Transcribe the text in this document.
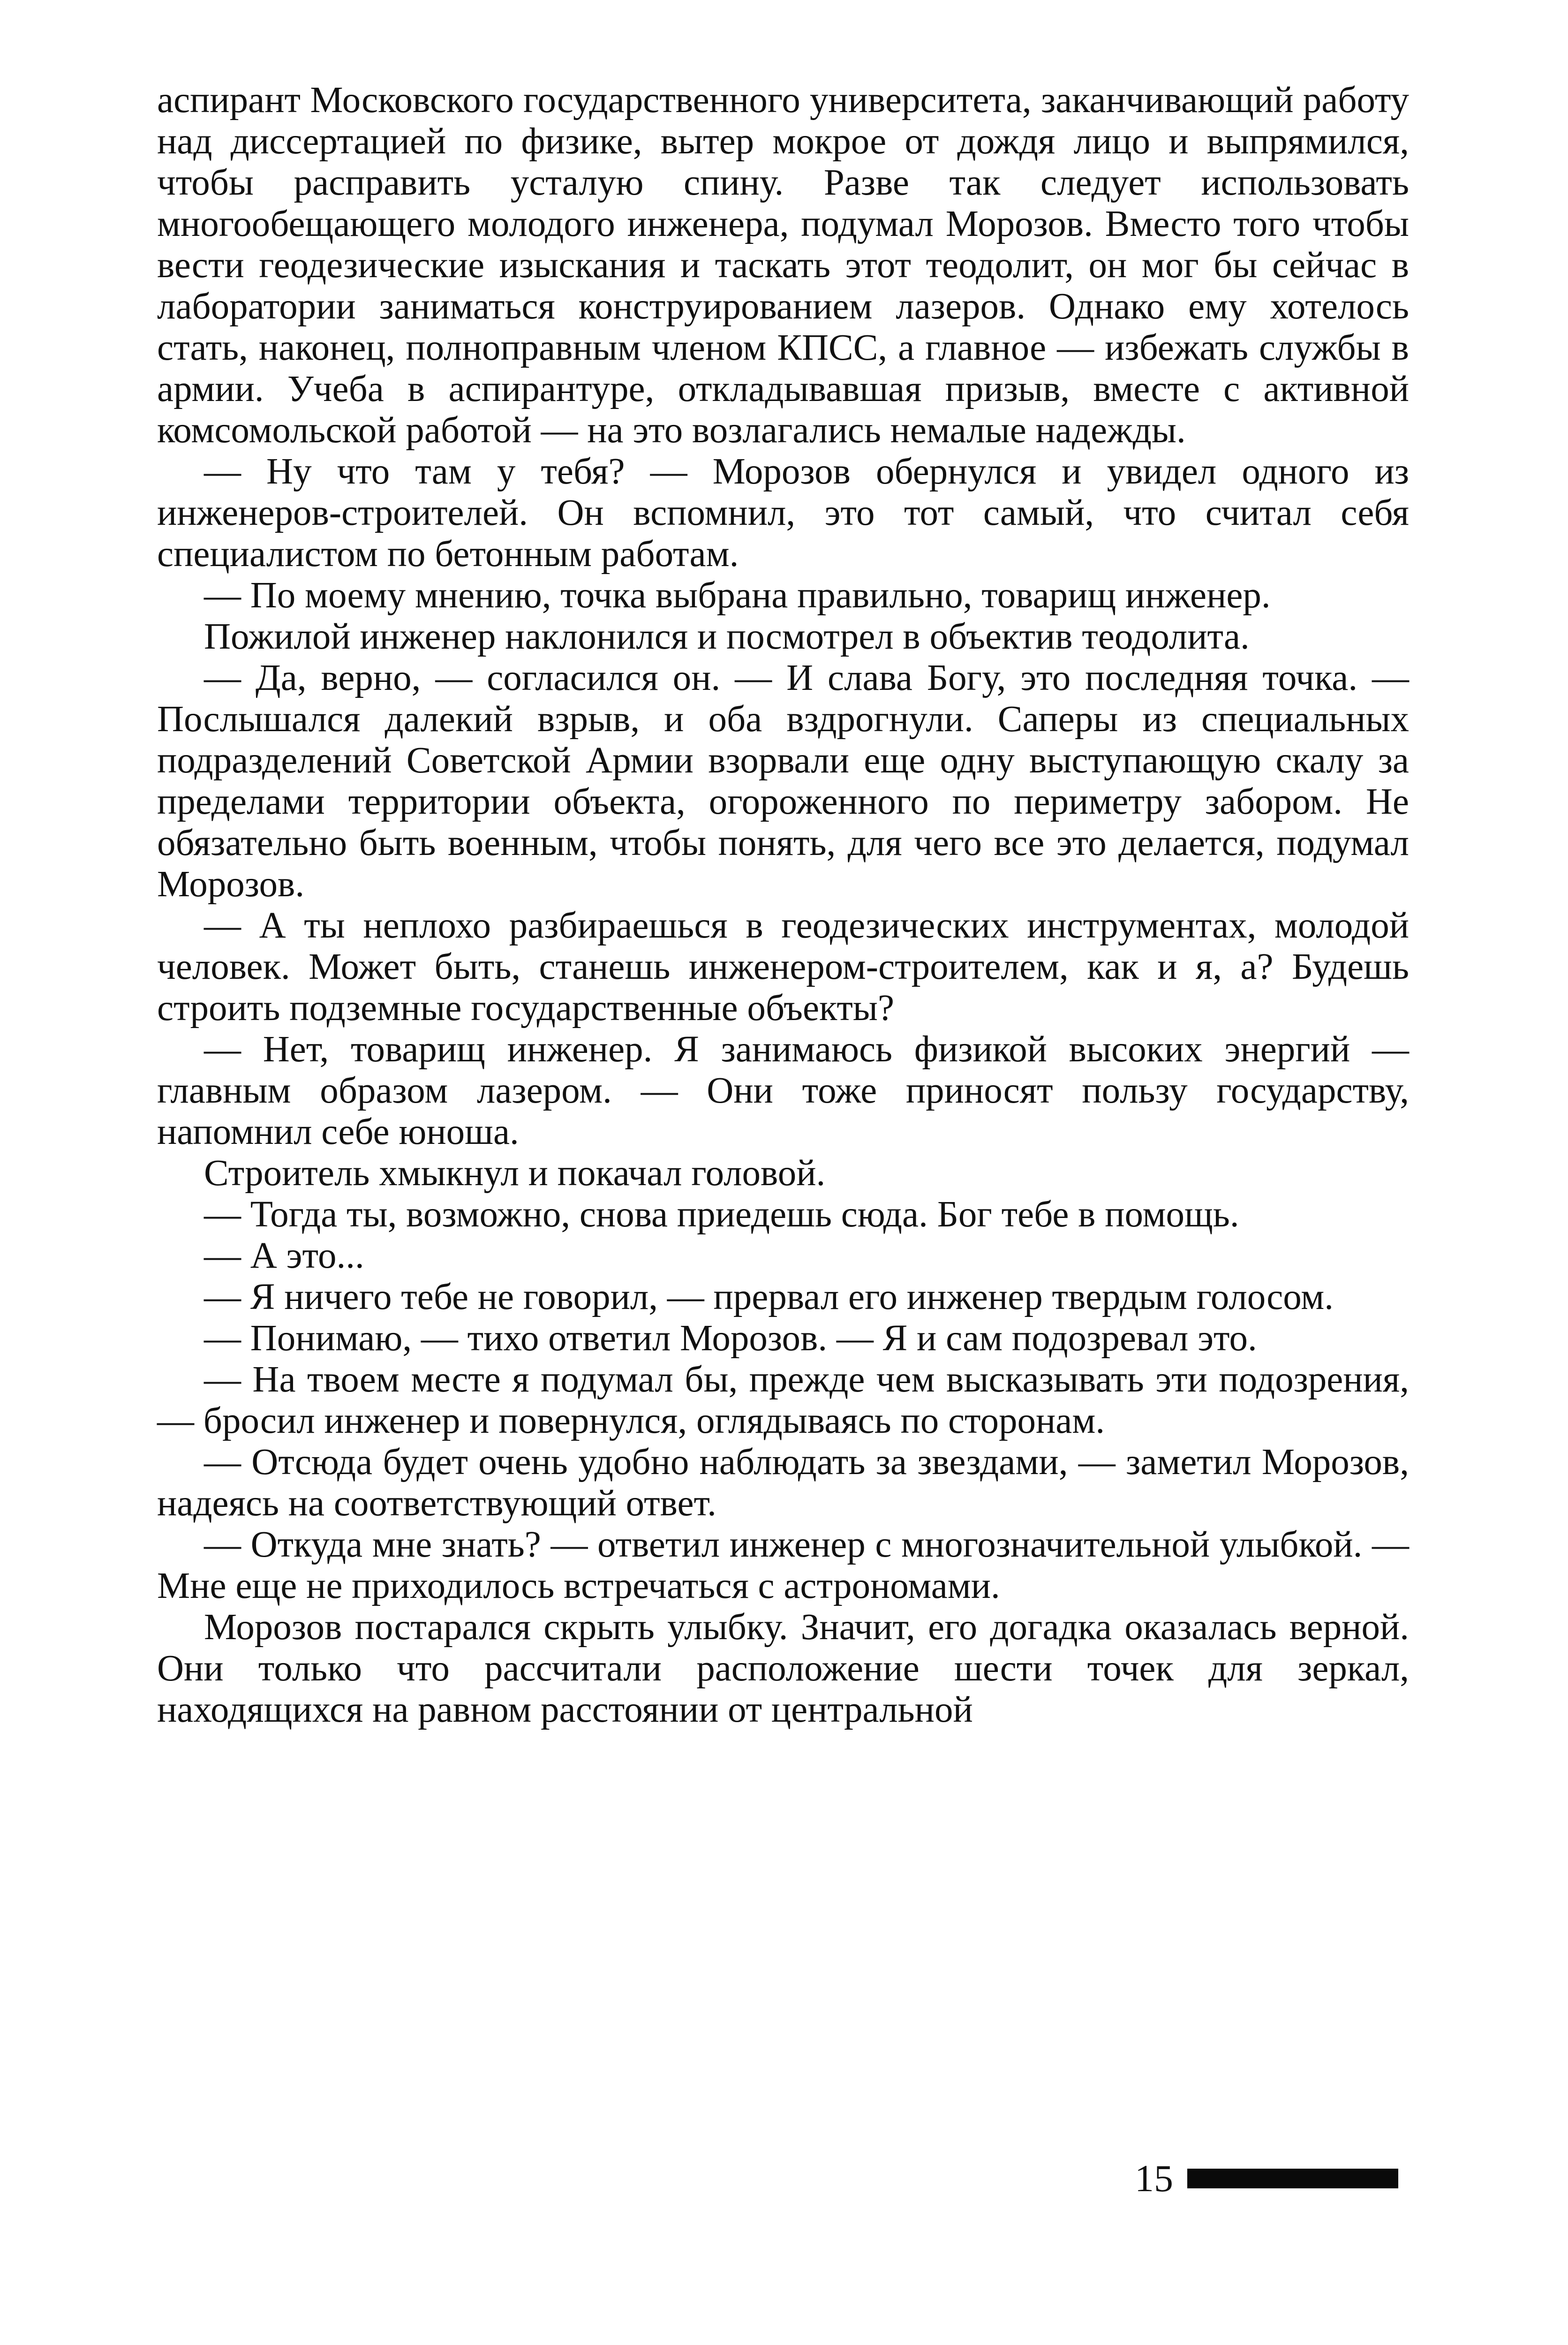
аспирант Московского государственного университета, заканчивающий работу над диссертацией по физике, вытер мокрое от дождя лицо и выпрямился, чтобы расправить усталую спину. Разве так следует использовать многообещающего молодого инженера, подумал Морозов. Вместо того чтобы вести геодезические изыскания и таскать этот теодолит, он мог бы сейчас в лаборатории заниматься конструированием лазеров. Однако ему хотелось стать, наконец, полноправным членом КПСС, а главное — избежать службы в армии. Учеба в аспирантуре, откладывавшая призыв, вместе с активной комсомольской работой — на это возлагались немалые надежды.

— Ну что там у тебя? — Морозов обернулся и увидел одного из инженеров-строителей. Он вспомнил, это тот самый, что считал себя специалистом по бетонным работам.

— По моему мнению, точка выбрана правильно, товарищ инженер.

Пожилой инженер наклонился и посмотрел в объектив теодолита.

— Да, верно, — согласился он. — И слава Богу, это последняя точка. — Послышался далекий взрыв, и оба вздрогнули. Саперы из специальных подразделений Советской Армии взорвали еще одну выступающую скалу за пределами территории объекта, огороженного по периметру забором. Не обязательно быть военным, чтобы понять, для чего все это делается, подумал Морозов.

— А ты неплохо разбираешься в геодезических инструментах, молодой человек. Может быть, станешь инженером-строителем, как и я, а? Будешь строить подземные государственные объекты?

— Нет, товарищ инженер. Я занимаюсь физикой высоких энергий — главным образом лазером. — Они тоже приносят пользу государству, напомнил себе юноша.

Строитель хмыкнул и покачал головой.

— Тогда ты, возможно, снова приедешь сюда. Бог тебе в помощь.

— А это...

— Я ничего тебе не говорил, — прервал его инженер твердым голосом.

— Понимаю, — тихо ответил Морозов. — Я и сам подозревал это.

— На твоем месте я подумал бы, прежде чем высказывать эти подозрения, — бросил инженер и повернулся, оглядываясь по сторонам.

— Отсюда будет очень удобно наблюдать за звездами, — заметил Морозов, надеясь на соответствующий ответ.

— Откуда мне знать? — ответил инженер с многозначительной улыбкой. — Мне еще не приходилось встречаться с астрономами.

Морозов постарался скрыть улыбку. Значит, его догадка оказалась верной. Они только что рассчитали расположение шести точек для зеркал, находящихся на равном расстоянии от центральной

15
